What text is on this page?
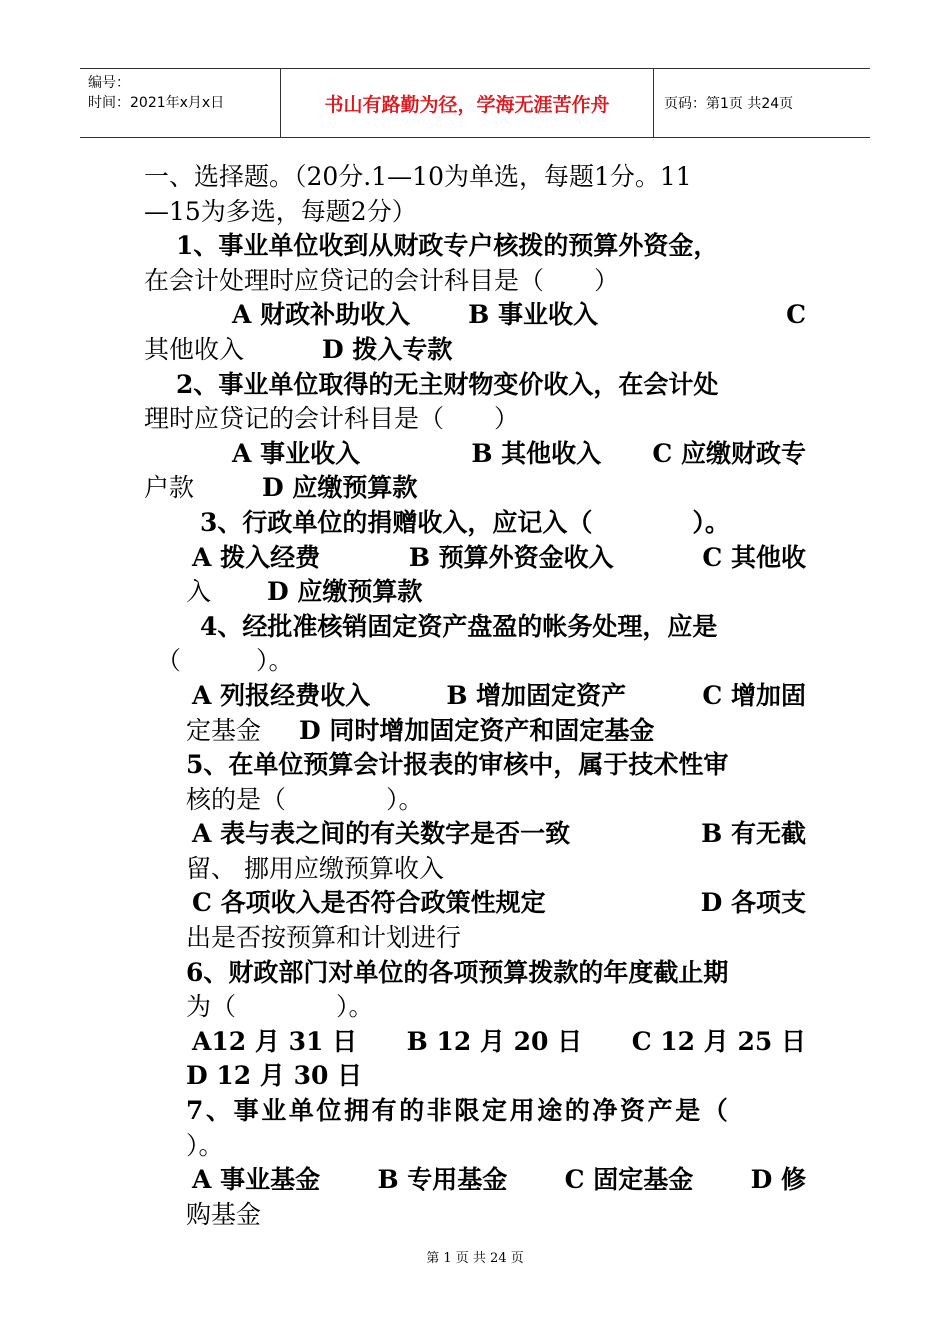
编号：
时间：2021年x月x日	书山有路勤为径，学海无涯苦作舟	页码：第1页 共24页
一、选择题。（20分.1—10为单选，每题1分。11
—15为多选，每题2分）
1、事业单位收到从财政专户核拨的预算外资金，
在会计处理时应贷记的会计科目是（　　）
A 财政补助收入 B 事业收入	C
其他收入	D 拨入专款
2、事业单位取得的无主财物变价收入，在会计处
理时应贷记的会计科目是（　　）
A 事业收入	B 其他收入 C 应缴财政专
户款	D 应缴预算款
3、行政单位的捐赠收入，应记入（　　　　）。
A 拨入经费	B 预算外资金收入	C 其他收
入 D 应缴预算款
4、经批准核销固定资产盘盈的帐务处理，应是
（　　　）。
A 列报经费收入	B 增加固定资产	C 增加固
定基金 D 同时增加固定资产和固定基金
5、在单位预算会计报表的审核中，属于技术性审
核的是（　　　　）。
A 表与表之间的有关数字是否一致	B 有无截
留、 挪用应缴预算收入
C 各项收入是否符合政策性规定	D 各项支
出是否按预算和计划进行
6、财政部门对单位的各项预算拨款的年度截止期
为（　　　　）。
A12 月 31 日 B 12 月 20 日 C 12 月 25 日
D 12 月 30 日
7、事业单位拥有的非限定用途的净资产是（
）。
A 事业基金 B 专用基金 C 固定基金 D 修
购基金
第 1 页 共 24 页
